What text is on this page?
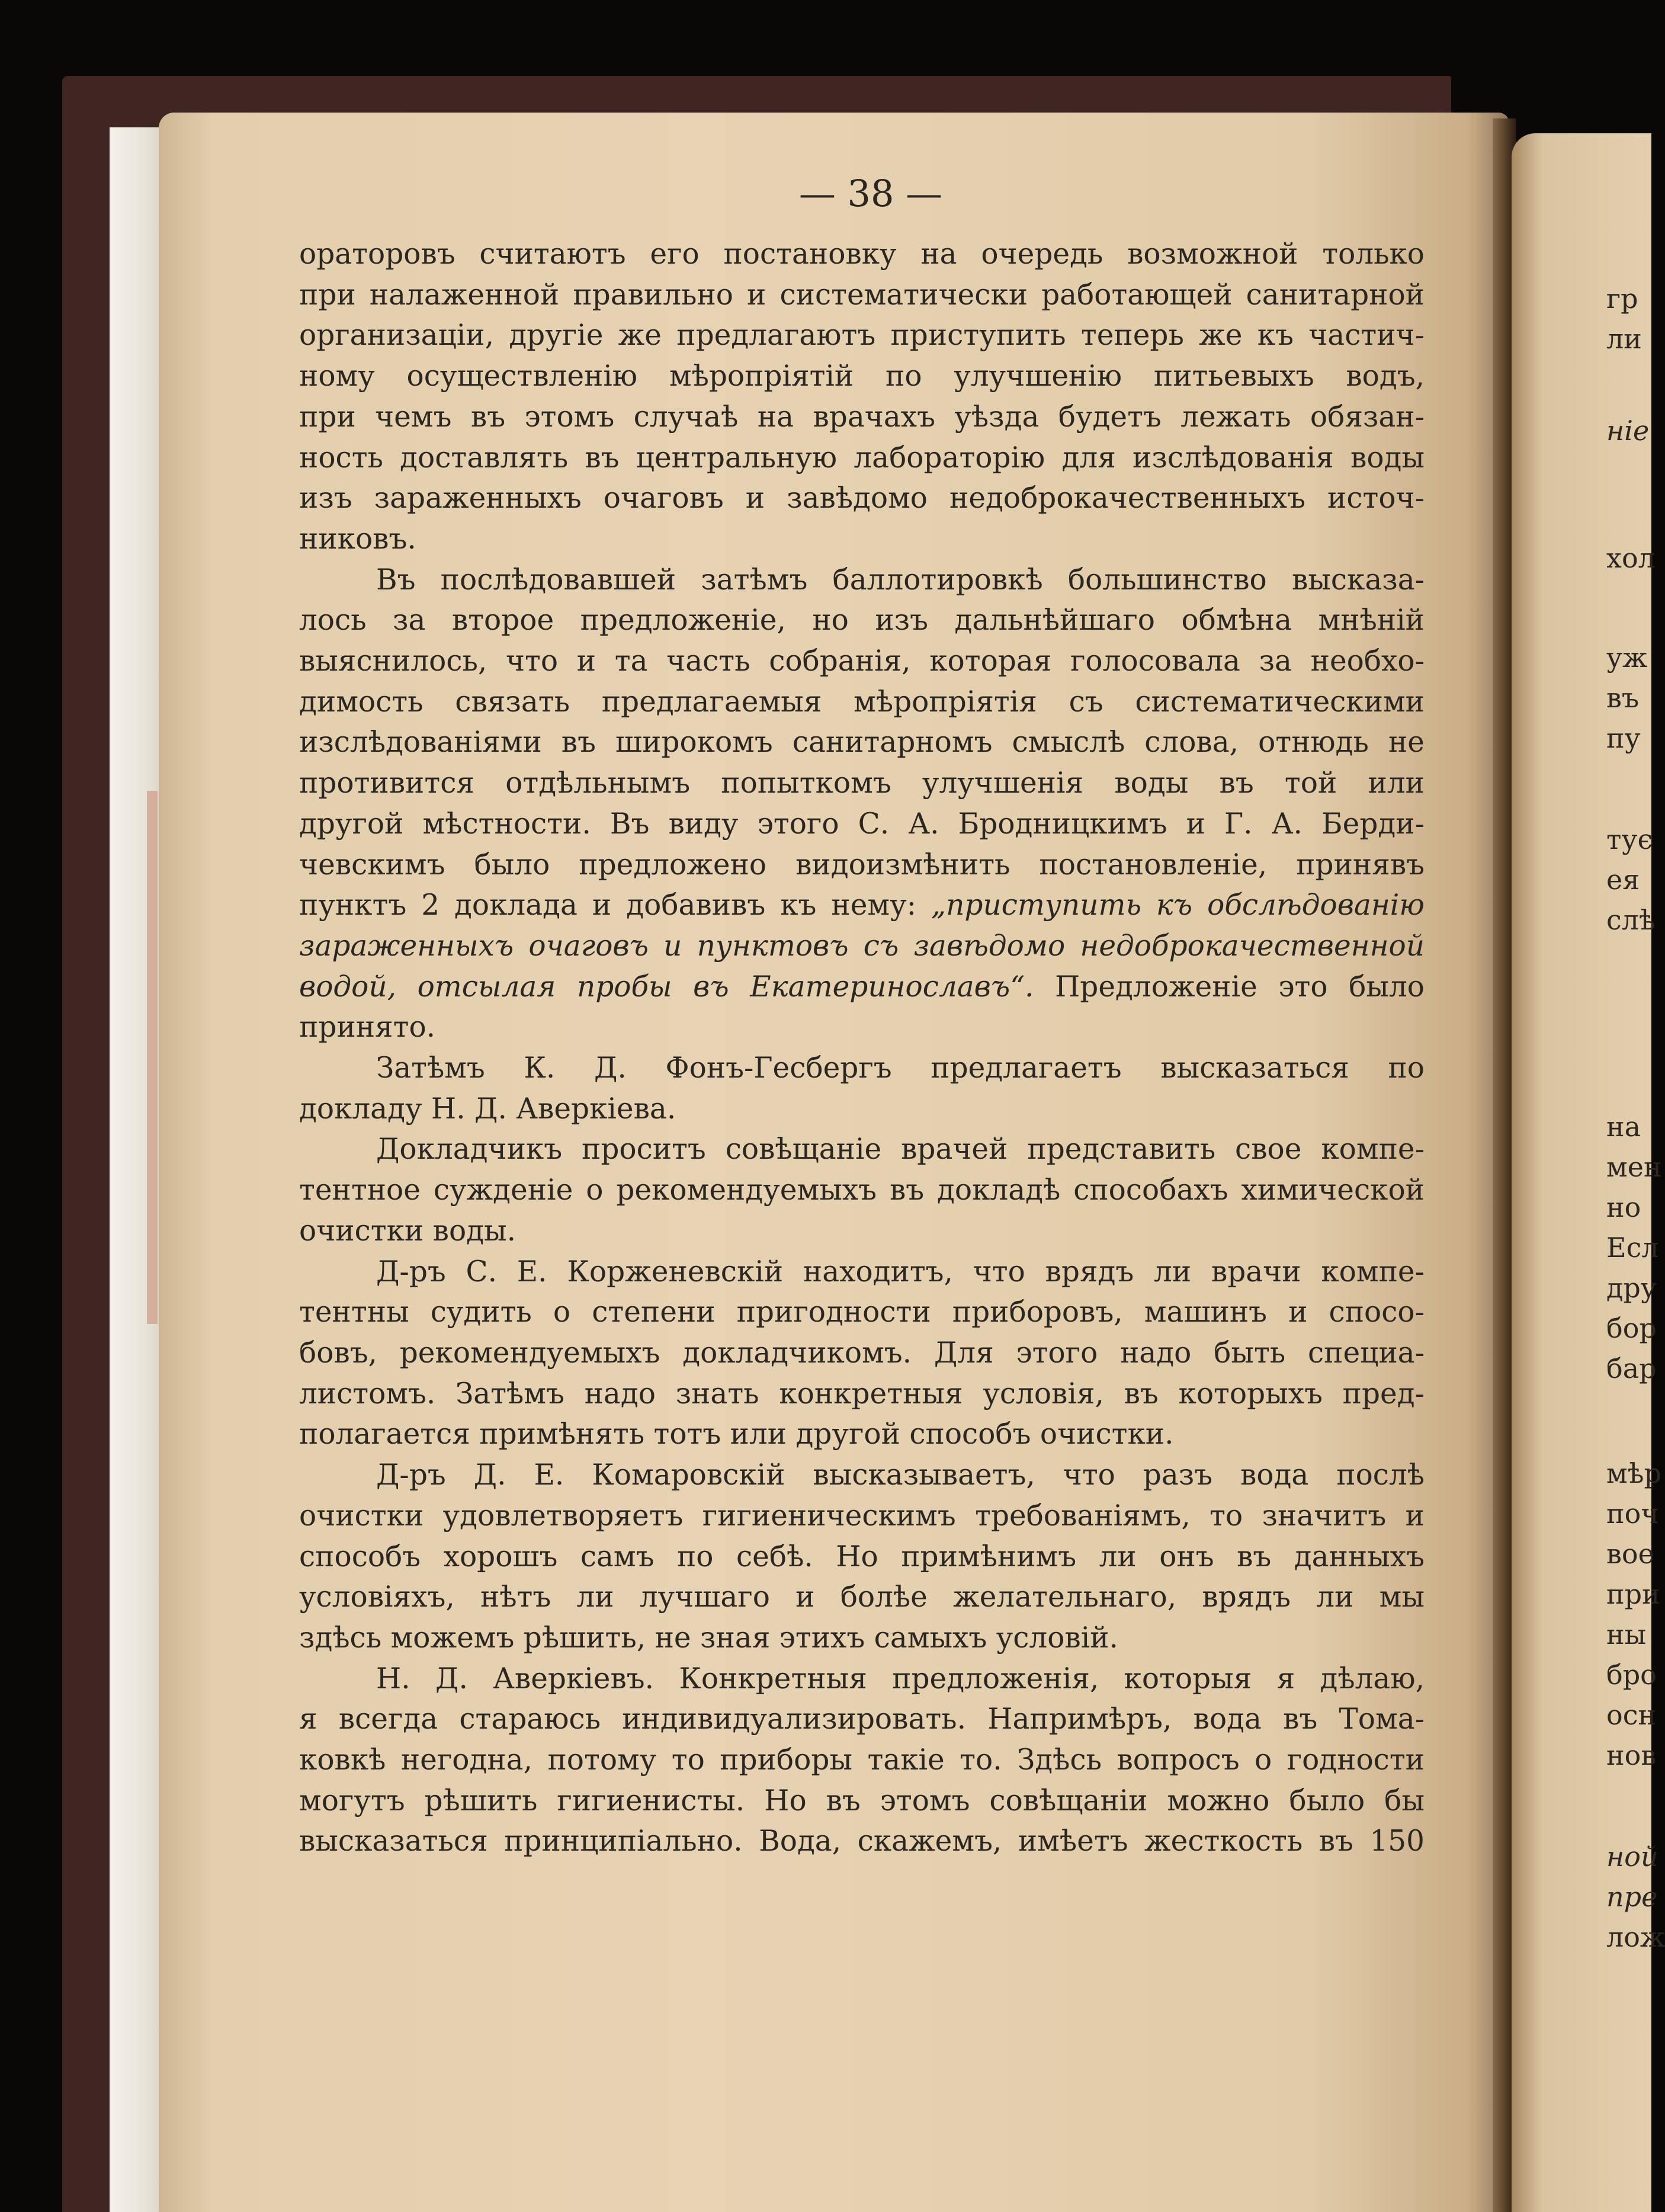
гр

ли

ніе

хол

уж

въ

пу

тує

ея

слѣ

на

мен

но

Есл

дру

бор

бар

мѣр

поч

вое

при

ны

бро

осн

нов

ной

пре

лож

— 38 —

ораторовъ считаютъ его постановку на очередь возможной только

при налаженной правильно и систематически работающей санитарной

организаціи, другіе же предлагаютъ приступить теперь же къ частич-

ному осуществленію мѣропріятій по улучшенію питьевыхъ водъ,

при чемъ въ этомъ случаѣ на врачахъ уѣзда будетъ лежать обязан-

ность доставлять въ центральную лабораторію для изслѣдованія воды

изъ зараженныхъ очаговъ и завѣдомо недоброкачественныхъ источ-

никовъ.

Въ послѣдовавшей затѣмъ баллотировкѣ большинство высказа-

лось за второе предложеніе, но изъ дальнѣйшаго обмѣна мнѣній

выяснилось, что и та часть собранія, которая голосовала за необхо-

димость связать предлагаемыя мѣропріятія съ систематическими

изслѣдованіями въ широкомъ санитарномъ смыслѣ слова, отнюдь не

противится отдѣльнымъ попыткомъ улучшенія воды въ той или

другой мѣстности. Въ виду этого С. А. Бродницкимъ и Г. А. Берди-

чевскимъ было предложено видоизмѣнить постановленіе, принявъ

пунктъ 2 доклада и добавивъ къ нему: „приступить къ обслѣдованію

зараженныхъ очаговъ и пунктовъ съ завѣдомо недоброкачественной

водой, отсылая пробы въ Екатеринославъ“. Предложеніе это было

принято.

Затѣмъ К. Д. Фонъ-Гесбергъ предлагаетъ высказаться по

докладу Н. Д. Аверкіева.

Докладчикъ проситъ совѣщаніе врачей представить свое компе-

тентное сужденіе о рекомендуемыхъ въ докладѣ способахъ химической

очистки воды.

Д-ръ С. Е. Корженевскій находитъ, что врядъ ли врачи компе-

тентны судить о степени пригодности приборовъ, машинъ и спосо-

бовъ, рекомендуемыхъ докладчикомъ. Для этого надо быть специа-

листомъ. Затѣмъ надо знать конкретныя условія, въ которыхъ пред-

полагается примѣнять тотъ или другой способъ очистки.

Д-ръ Д. Е. Комаровскій высказываетъ, что разъ вода послѣ

очистки удовлетворяетъ гигиеническимъ требованіямъ, то значитъ и

способъ хорошъ самъ по себѣ. Но примѣнимъ ли онъ въ данныхъ

условіяхъ, нѣтъ ли лучшаго и болѣе желательнаго, врядъ ли мы

здѣсь можемъ рѣшить, не зная этихъ самыхъ условій.

Н. Д. Аверкіевъ. Конкретныя предложенія, которыя я дѣлаю,

я всегда стараюсь индивидуализировать. Напримѣръ, вода въ Тома-

ковкѣ негодна, потому то приборы такіе то. Здѣсь вопросъ о годности

могутъ рѣшить гигиенисты. Но въ этомъ совѣщаніи можно было бы

высказаться принципіально. Вода, скажемъ, имѣетъ жесткость въ 150
